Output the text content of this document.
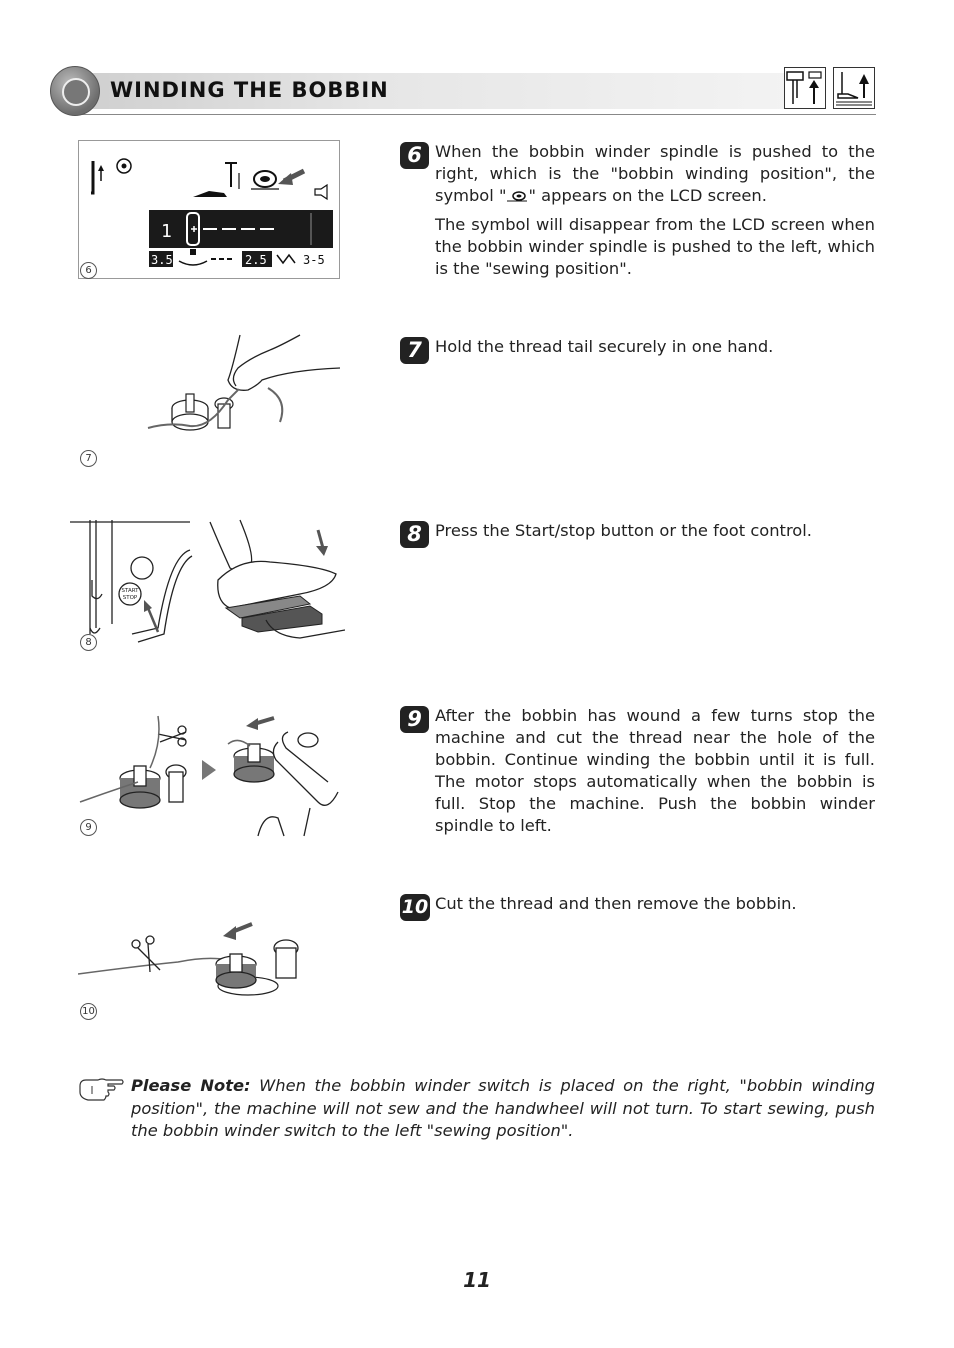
WINDING THE BOBBIN
1
3.5	2.5	3-5
6
7
START
STOP
8
9
10
6 When the bobbin winder spindle is pushed to the right, which is the "bobbin winding position", the symbol " " appears on the LCD screen.

The symbol will disappear from the LCD screen when the bobbin winder spindle is pushed to the left, which is the "sewing position".

7 Hold the thread tail securely in one hand.

8 Press the Start/stop button or the foot control.

9 After the bobbin has wound a few turns stop the machine and cut the thread near the hole of the bobbin. Continue winding the bobbin until it is full. The motor stops automatically when the bobbin is full. Stop the machine. Push the bobbin winder spindle to left.

10 Cut the thread and then remove the bobbin.

Please Note: When the bobbin winder switch is placed on the right, "bobbin winding position", the machine will not sew and the handwheel will not turn. To start sewing, push the bobbin winder switch to the left "sewing position".

11
